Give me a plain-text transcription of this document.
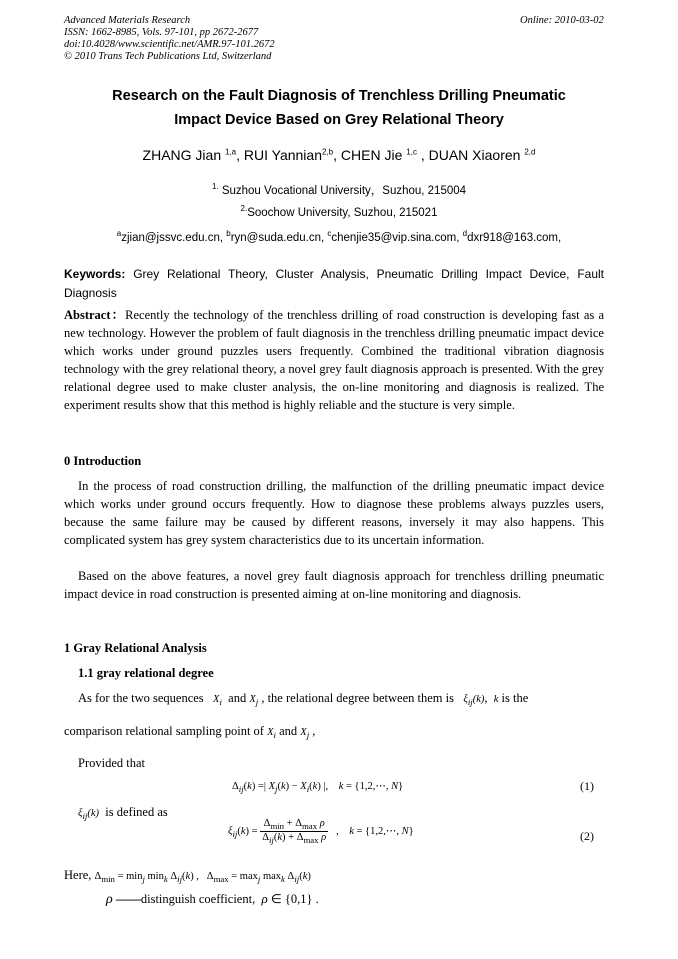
Advanced Materials Research	Online: 2010-03-02
ISSN: 1662-8985, Vols. 97-101, pp 2672-2677
doi:10.4028/www.scientific.net/AMR.97-101.2672
© 2010 Trans Tech Publications Ltd, Switzerland
Research on the Fault Diagnosis of Trenchless Drilling Pneumatic
Impact Device Based on Grey Relational Theory
ZHANG Jian $^{1,a}$, RUI Yannian$^{2,b}$, CHEN Jie $^{1,c}$ , DUAN Xiaoren $^{2,d}$
$^{1.}$ Suzhou Vocational University，Suzhou, 215004
$^{2.}$Soochow University, Suzhou, 215021
$^a$zjian@jssvc.edu.cn, $^b$ryn@suda.edu.cn, $^c$chenjie35@vip.sina.com, $^d$dxr918@163.com,
Keywords: Grey Relational Theory, Cluster Analysis, Pneumatic Drilling Impact Device, Fault Diagnosis
Abstract：Recently the technology of the trenchless drilling of road construction is developing fast as a new technology. However the problem of fault diagnosis in the trenchless drilling pneumatic impact device which works under ground puzzles users frequently. Combined the traditional vibration diagnosis technology with the grey relational theory, a novel grey fault diagnosis approach is presented. With the grey relational degree used to make cluster analysis, the on-line monitoring and diagnosis is realized. The experiment results show that this method is highly reliable and the stucture is very simple.
0 Introduction
In the process of road construction drilling, the malfunction of the drilling pneumatic impact device which works under ground occurs frequently. How to diagnose these problems always puzzles users, because the same failure may be caused by different reasons, inversely it may also happens. This complicated system has grey system characteristics due to its uncertain information.
Based on the above features, a novel grey fault diagnosis approach for trenchless drilling pneumatic impact device in road construction is presented aiming at on-line monitoring and diagnosis.
1 Gray Relational Analysis
1.1 gray relational degree
As for the two sequences $X_i$ and $X_j$ , the relational degree between them is $\xi_{ij}(k)$,  k is the
comparison relational sampling point of $X_i$ and $X_j$ ,
Provided that
$\Delta_{ij}(k)$ =| $X_j(k) - X_i(k)$ |,    k = {1,2,⋯, N}	(1)
$\xi_{ij}(k)$ is defined as
$\xi_{ij}(k) = \frac{\Delta_{min} + \Delta_{max} \rho}{\Delta_{ij}(k) + \Delta_{max} \rho}$ ,    k = {1,2,⋯, N}	(2)
Here, $\Delta_{min} = \min_j \min_k \Delta_{ij}(k)$ ,   $\Delta_{max} = \max_j \max_k \Delta_{ij}(k)$
ρ ——distinguish coefficient, ρ ∈ {0,1} .
